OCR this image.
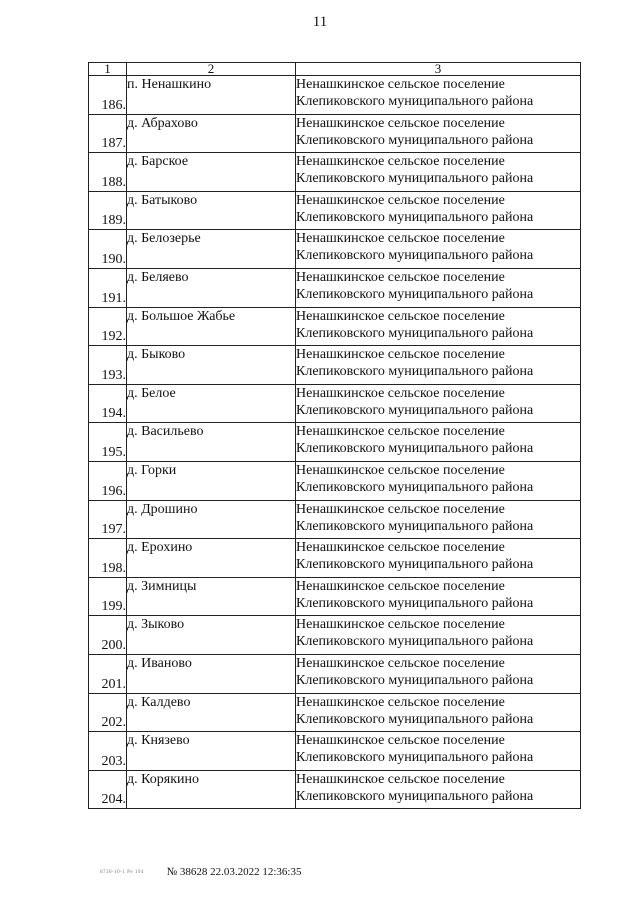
11
1	2	3
186.	п. Ненашкино	Ненашкинское сельское поселение
Клепиковского муниципального района

187.	д. Абрахово	Ненашкинское сельское поселение
Клепиковского муниципального района

188.	д. Барское	Ненашкинское сельское поселение
Клепиковского муниципального района

189.	д. Батыково	Ненашкинское сельское поселение
Клепиковского муниципального района

190.	д. Белозерье	Ненашкинское сельское поселение
Клепиковского муниципального района

191.	д. Беляево	Ненашкинское сельское поселение
Клепиковского муниципального района

192.	д. Большое Жабье	Ненашкинское сельское поселение
Клепиковского муниципального района

193.	д. Быково	Ненашкинское сельское поселение
Клепиковского муниципального района

194.	д. Белое	Ненашкинское сельское поселение
Клепиковского муниципального района

195.	д. Васильево	Ненашкинское сельское поселение
Клепиковского муниципального района

196.	д. Горки	Ненашкинское сельское поселение
Клепиковского муниципального района

197.	д. Дрошино	Ненашкинское сельское поселение
Клепиковского муниципального района

198.	д. Ерохино	Ненашкинское сельское поселение
Клепиковского муниципального района

199.	д. Зимницы	Ненашкинское сельское поселение
Клепиковского муниципального района

200.	д. Зыково	Ненашкинское сельское поселение
Клепиковского муниципального района

201.	д. Иваново	Ненашкинское сельское поселение
Клепиковского муниципального района

202.	д. Калдево	Ненашкинское сельское поселение
Клепиковского муниципального района

203.	д. Князево	Ненашкинское сельское поселение
Клепиковского муниципального района

204.	д. Корякино	Ненашкинское сельское поселение
Клепиковского муниципального района
0730-10-1 Pe 194 № 38628 22.03.2022 12:36:35
